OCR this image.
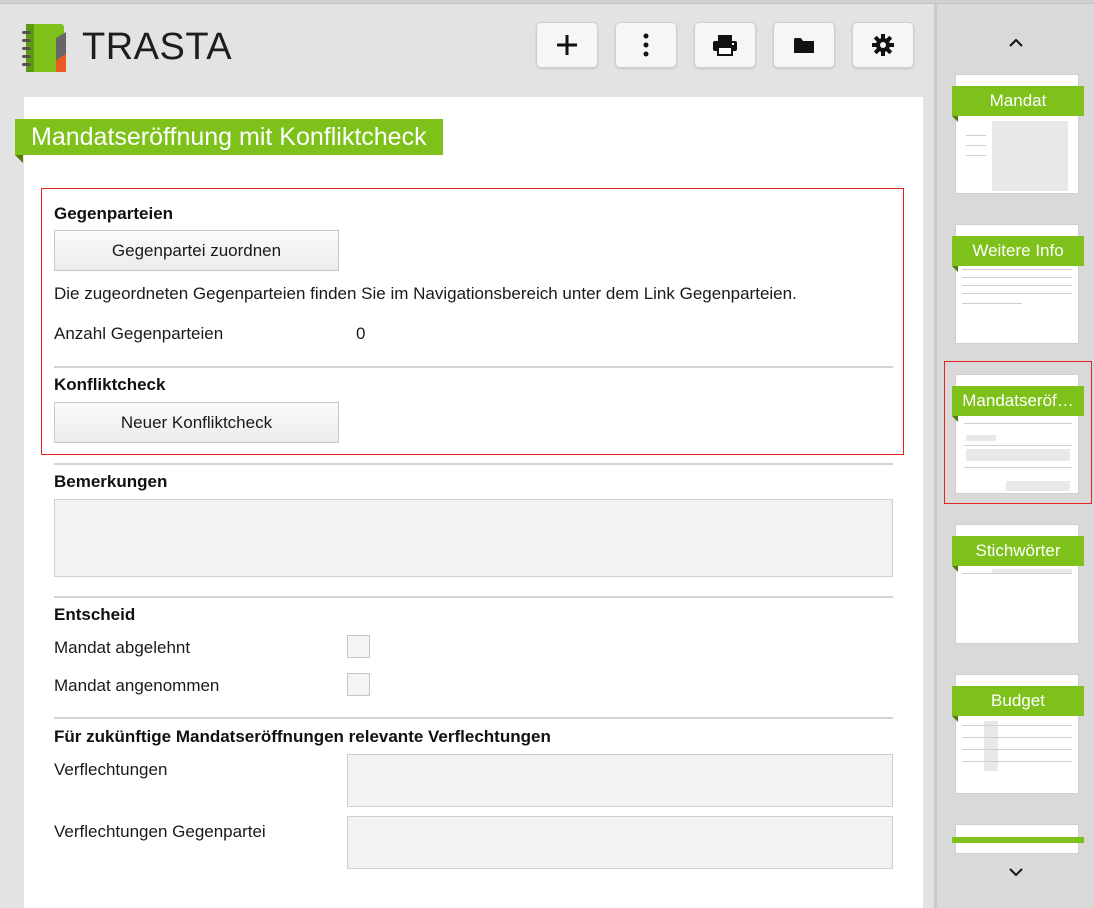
TRASTA
Mandatseröffnung mit Konfliktcheck
Gegenparteien
Gegenpartei zuordnen
Die zugeordneten Gegenparteien finden Sie im Navigationsbereich unter dem Link Gegenparteien.
Anzahl Gegenparteien	0
Konfliktcheck
Neuer Konfliktcheck
Bemerkungen
Entscheid
Mandat abgelehnt
Mandat angenommen
Für zukünftige Mandatseröffnungen relevante Verflechtungen
Verflechtungen
Verflechtungen Gegenpartei
Mandat
Weitere Info
Mandatseröf…
Stichwörter
Budget
